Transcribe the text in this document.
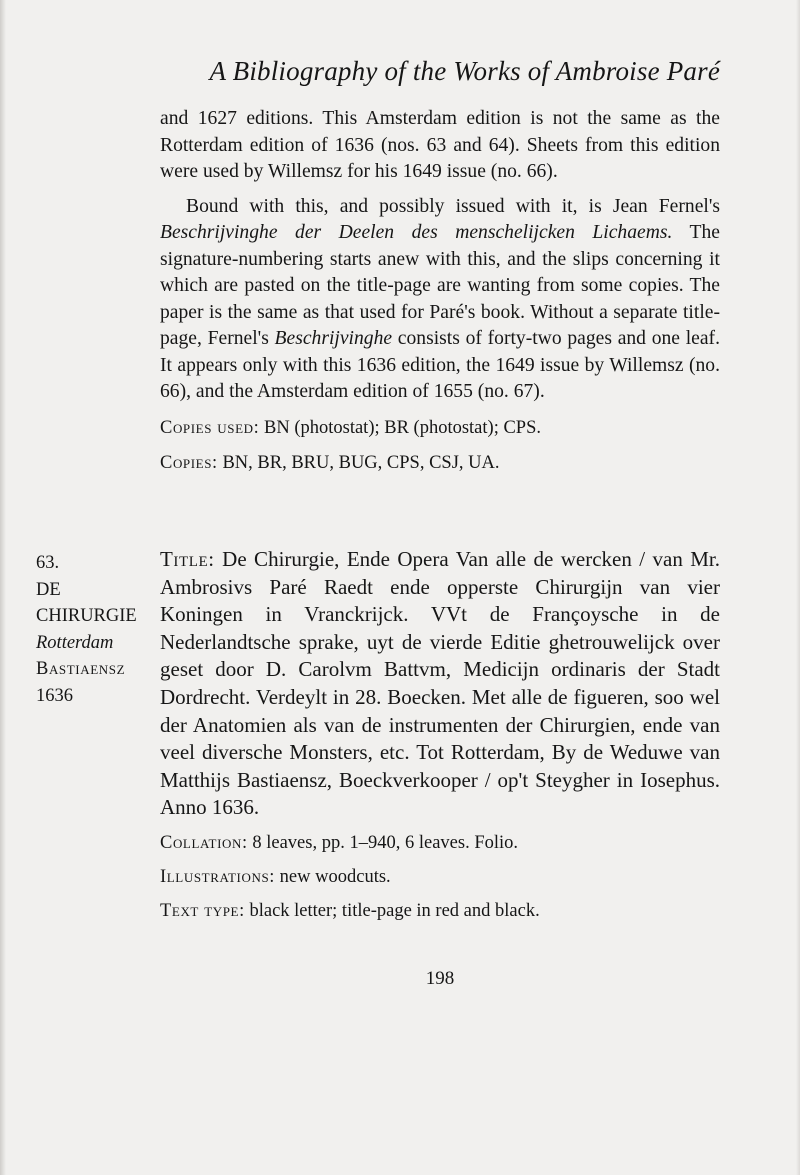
A Bibliography of the Works of Ambroise Paré

and 1627 editions. This Amsterdam edition is not the same as the Rotterdam edition of 1636 (nos. 63 and 64). Sheets from this edition were used by Willemsz for his 1649 issue (no. 66).

Bound with this, and possibly issued with it, is Jean Fernel's Beschrijvinghe der Deelen des menschelijcken Lichaems. The signature-numbering starts anew with this, and the slips concerning it which are pasted on the title-page are wanting from some copies. The paper is the same as that used for Paré's book. Without a separate title-page, Fernel's Beschrijvinghe consists of forty-two pages and one leaf. It appears only with this 1636 edition, the 1649 issue by Willemsz (no. 66), and the Amsterdam edition of 1655 (no. 67).

Copies used: BN (photostat); BR (photostat); CPS.

Copies: BN, BR, BRU, BUG, CPS, CSJ, UA.

63.
DE
CHIRURGIE
Rotterdam
Bastiaensz
1636

Title: De Chirurgie, Ende Opera Van alle de wercken / van Mr. Ambrosivs Paré Raedt ende opperste Chirurgijn van vier Koningen in Vranckrijck. VVt de Françoysche in de Nederlandtsche sprake, uyt de vierde Editie ghetrouwelijck over geset door D. Carolvm Battvm, Medicijn ordinaris der Stadt Dordrecht. Verdeylt in 28. Boecken. Met alle de figueren, soo wel der Anatomien als van de instrumenten der Chirurgien, ende van veel diversche Monsters, etc. Tot Rotterdam, By de Weduwe van Matthijs Bastiaensz, Boeckverkooper / op't Steygher in Iosephus. Anno 1636.

Collation: 8 leaves, pp. 1–940, 6 leaves. Folio.

Illustrations: new woodcuts.

Text type: black letter; title-page in red and black.

198
